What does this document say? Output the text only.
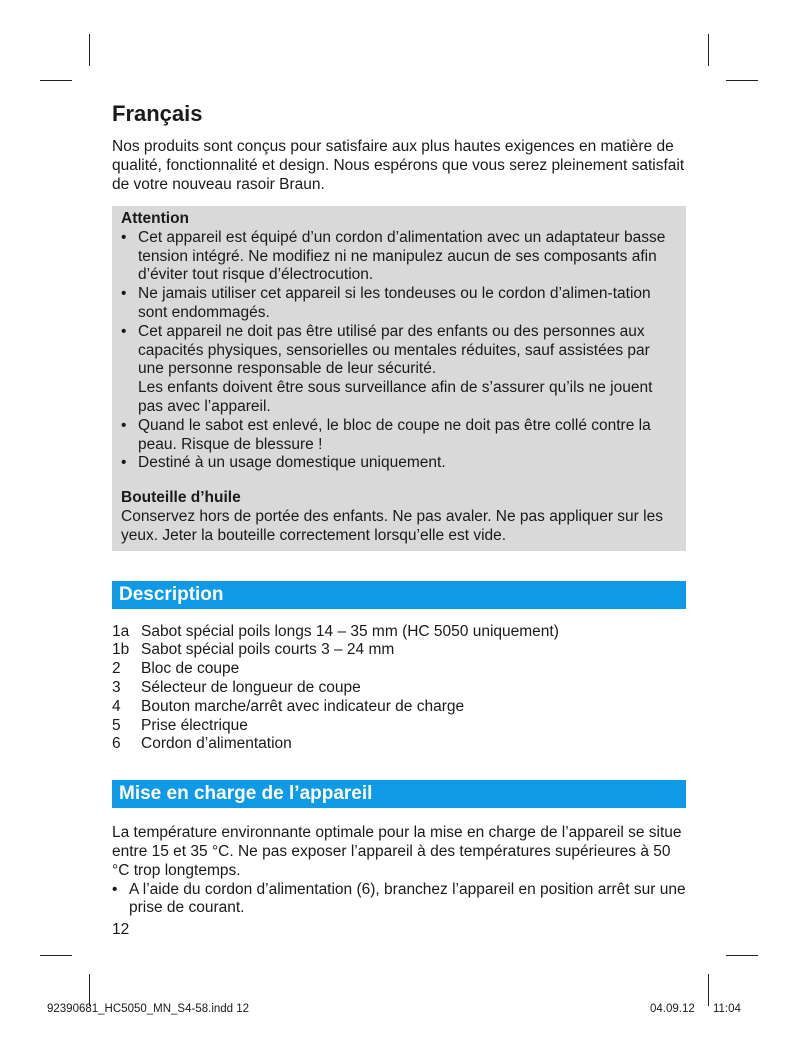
Français

Nos produits sont conçus pour satisfaire aux plus hautes exigences en matière de qualité, fonctionnalité et design. Nous espérons que vous serez pleinement satisfait de votre nouveau rasoir Braun.

Attention
• Cet appareil est équipé d’un cordon d’alimentation avec un adaptateur basse tension intégré. Ne modifiez ni ne manipulez aucun de ses composants afin d’éviter tout risque d’électrocution.
• Ne jamais utiliser cet appareil si les tondeuses ou le cordon d’alimen-tation sont endommagés.
• Cet appareil ne doit pas être utilisé par des enfants ou des personnes aux capacités physiques, sensorielles ou mentales réduites, sauf assistées par une personne responsable de leur sécurité.
Les enfants doivent être sous surveillance afin de s’assurer qu’ils ne jouent pas avec l’appareil.
• Quand le sabot est enlevé, le bloc de coupe ne doit pas être collé contre la peau. Risque de blessure !
• Destiné à un usage domestique uniquement.
Bouteille d’huile
Conservez hors de portée des enfants. Ne pas avaler. Ne pas appliquer sur les yeux. Jeter la bouteille correctement lorsqu’elle est vide.
Description
1a Sabot spécial poils longs 14 – 35 mm (HC 5050 uniquement)
1b Sabot spécial poils courts 3 – 24 mm
2	Bloc de coupe
3	Sélecteur de longueur de coupe
4	Bouton marche/arrêt avec indicateur de charge
5	Prise électrique
6	Cordon d’alimentation
Mise en charge de l’appareil

La température environnante optimale pour la mise en charge de l’appareil se situe entre 15 et 35 °C. Ne pas exposer l’appareil à des températures supérieures à 50 °C trop longtemps.

• A l’aide du cordon d’alimentation (6), branchez l’appareil en position arrêt sur une prise de courant.
12
92390681_HC5050_MN_S4-58.indd 12	04.09.12 11:04
